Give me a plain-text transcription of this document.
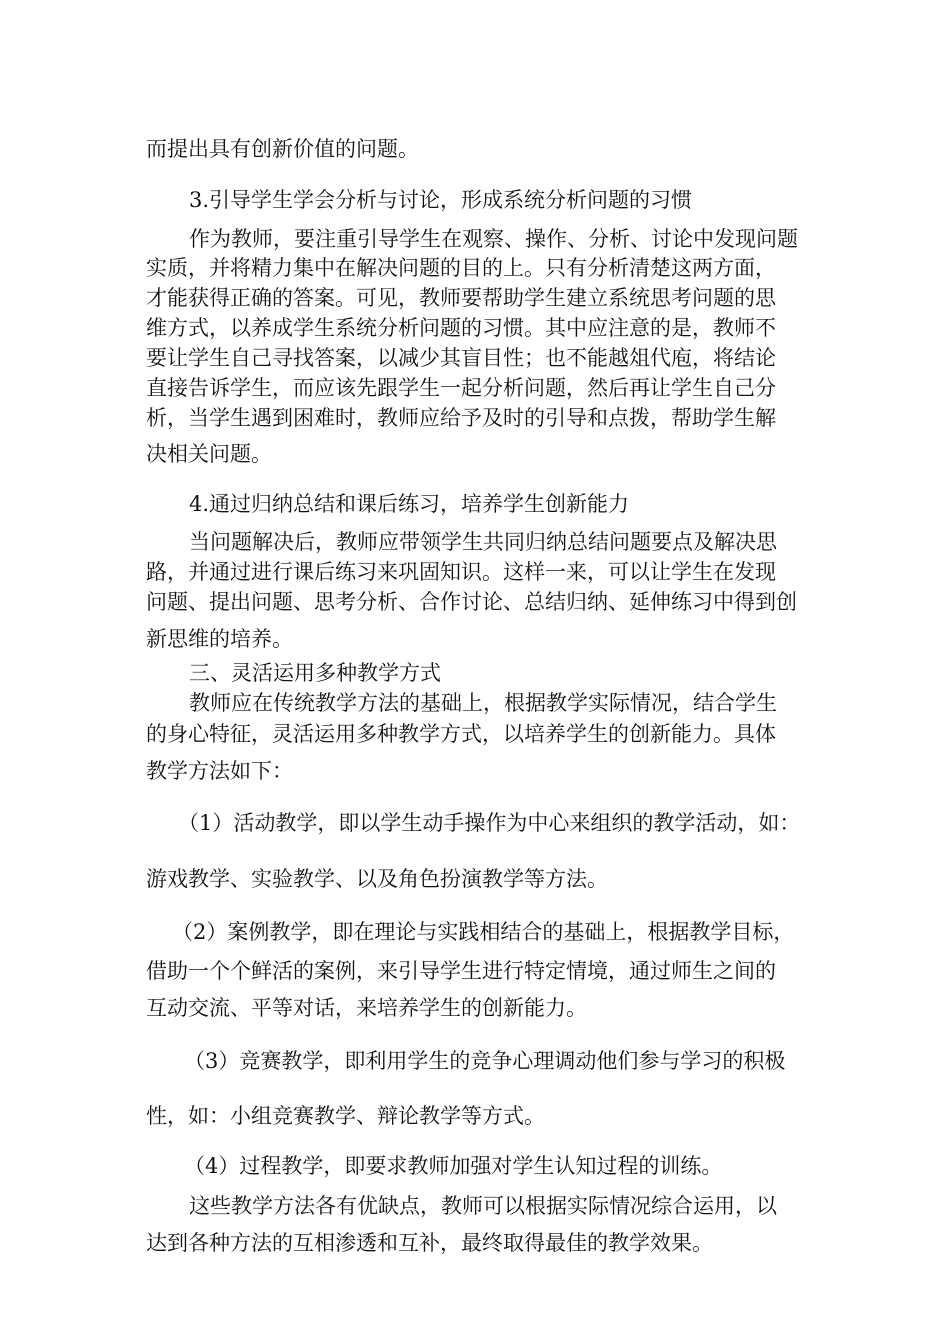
而提出具有创新价值的问题。
3.引导学生学会分析与讨论，形成系统分析问题的习惯
作为教师，要注重引导学生在观察、操作、分析、讨论中发现问题
实质，并将精力集中在解决问题的目的上。只有分析清楚这两方面，
才能获得正确的答案。可见，教师要帮助学生建立系统思考问题的思
维方式，以养成学生系统分析问题的习惯。其中应注意的是，教师不
要让学生自己寻找答案，以减少其盲目性；也不能越俎代庖，将结论
直接告诉学生，而应该先跟学生一起分析问题，然后再让学生自己分
析，当学生遇到困难时，教师应给予及时的引导和点拨，帮助学生解
决相关问题。
4.通过归纳总结和课后练习，培养学生创新能力
当问题解决后，教师应带领学生共同归纳总结问题要点及解决思
路，并通过进行课后练习来巩固知识。这样一来，可以让学生在发现
问题、提出问题、思考分析、合作讨论、总结归纳、延伸练习中得到创
新思维的培养。
三、灵活运用多种教学方式
教师应在传统教学方法的基础上，根据教学实际情况，结合学生
的身心特征，灵活运用多种教学方式，以培养学生的创新能力。具体
教学方法如下：
（1）活动教学，即以学生动手操作为中心来组织的教学活动，如：
游戏教学、实验教学、以及角色扮演教学等方法。
（2）案例教学，即在理论与实践相结合的基础上，根据教学目标，
借助一个个鲜活的案例，来引导学生进行特定情境，通过师生之间的
互动交流、平等对话，来培养学生的创新能力。
（3）竞赛教学，即利用学生的竞争心理调动他们参与学习的积极
性，如：小组竞赛教学、辩论教学等方式。
（4）过程教学，即要求教师加强对学生认知过程的训练。
这些教学方法各有优缺点，教师可以根据实际情况综合运用，以
达到各种方法的互相渗透和互补，最终取得最佳的教学效果。
